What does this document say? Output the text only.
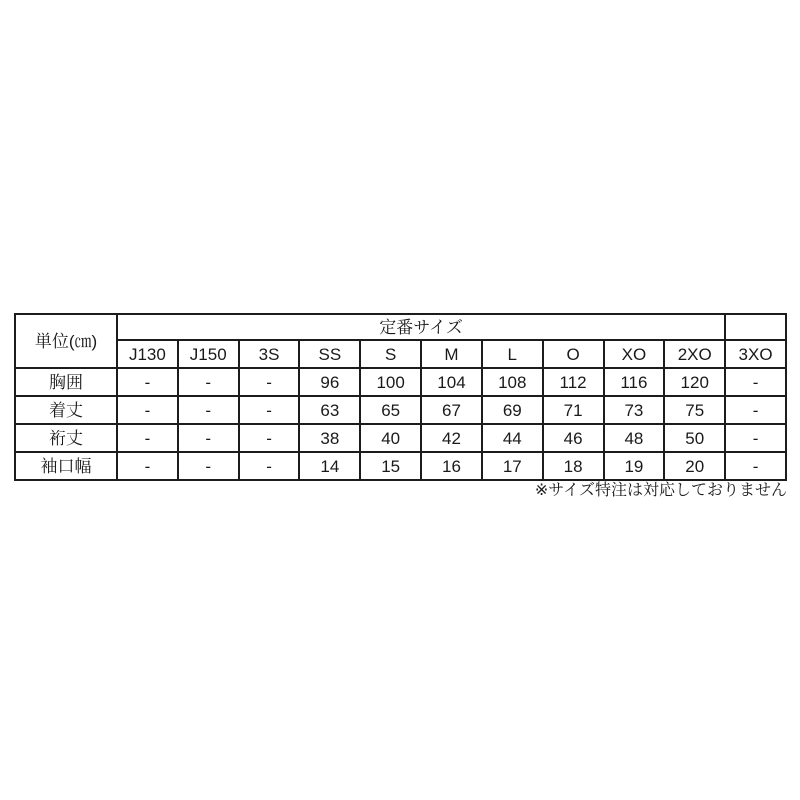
単位(㎝)	定番サイズ										
	J130	J150	3S	SS	S	M	L	O	XO	2XO	3XO
胸囲	-	-	-	96	100	104	108	112	116	120	-
着丈	-	-	-	63	65	67	69	71	73	75	-
裄丈	-	-	-	38	40	42	44	46	48	50	-
袖口幅	-	-	-	14	15	16	17	18	19	20	-
※サイズ特注は対応しておりません
